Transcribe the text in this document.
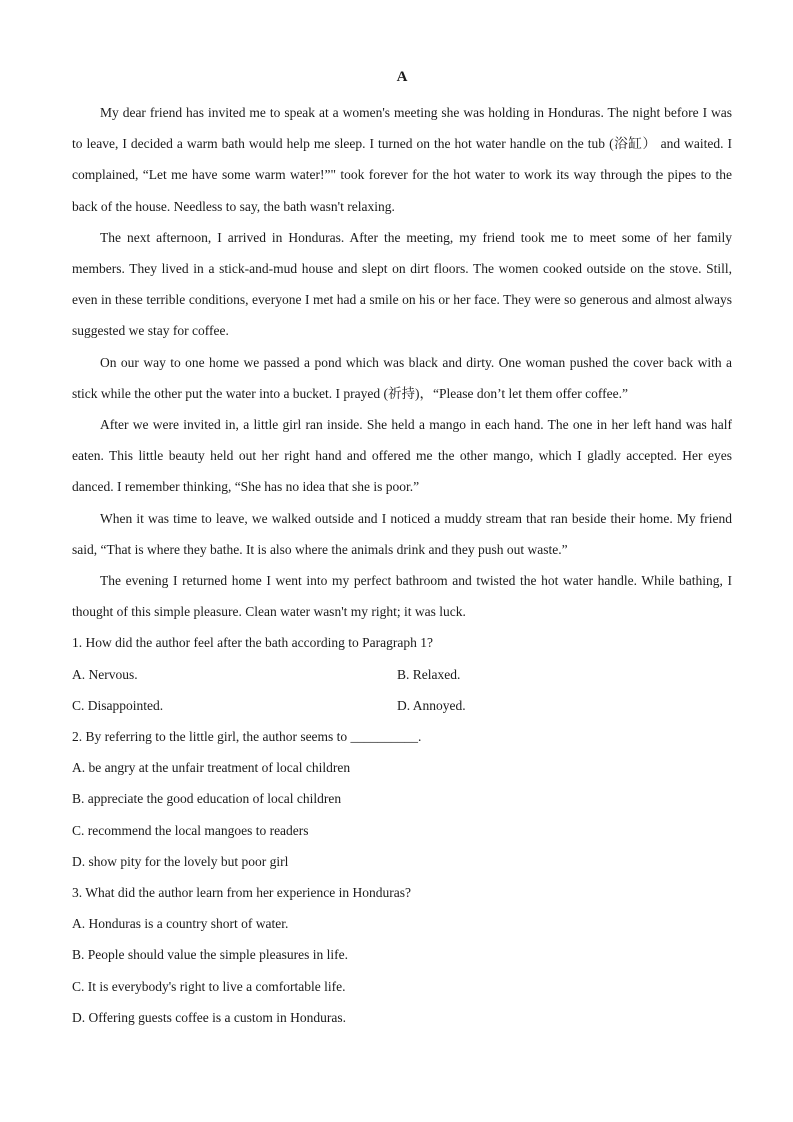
A

My dear friend has invited me to speak at a women's meeting she was holding in Honduras. The night before I was to leave, I decided a warm bath would help me sleep. I turned on the hot water handle on the tub (浴缸） and waited. I complained, “Let me have some warm water!”" took forever for the hot water to work its way through the pipes to the back of the house. Needless to say, the bath wasn't relaxing.

The next afternoon, I arrived in Honduras. After the meeting, my friend took me to meet some of her family members. They lived in a stick-and-mud house and slept on dirt floors. The women cooked outside on the stove. Still, even in these terrible conditions, everyone I met had a smile on his or her face. They were so generous and almost always suggested we stay for coffee.

On our way to one home we passed a pond which was black and dirty. One woman pushed the cover back with a stick while the other put the water into a bucket. I prayed (祈持)，“Please don’t let them offer coffee.”

After we were invited in, a little girl ran inside. She held a mango in each hand. The one in her left hand was half eaten. This little beauty held out her right hand and offered me the other mango, which I gladly accepted. Her eyes danced. I remember thinking, “She has no idea that she is poor.”

When it was time to leave, we walked outside and I noticed a muddy stream that ran beside their home. My friend said, “That is where they bathe. It is also where the animals drink and they push out waste.”

The evening I returned home I went into my perfect bathroom and twisted the hot water handle. While bathing, I thought of this simple pleasure. Clean water wasn't my right; it was luck.

1. How did the author feel after the bath according to Paragraph 1?

A. Nervous.	B. Relaxed.
C. Disappointed.	D. Annoyed.

2. By referring to the little girl, the author seems to __________.

A. be angry at the unfair treatment of local children

B. appreciate the good education of local children

C. recommend the local mangoes to readers

D. show pity for the lovely but poor girl

3. What did the author learn from her experience in Honduras?

A. Honduras is a country short of water.

B. People should value the simple pleasures in life.

C. It is everybody's right to live a comfortable life.

D. Offering guests coffee is a custom in Honduras.
